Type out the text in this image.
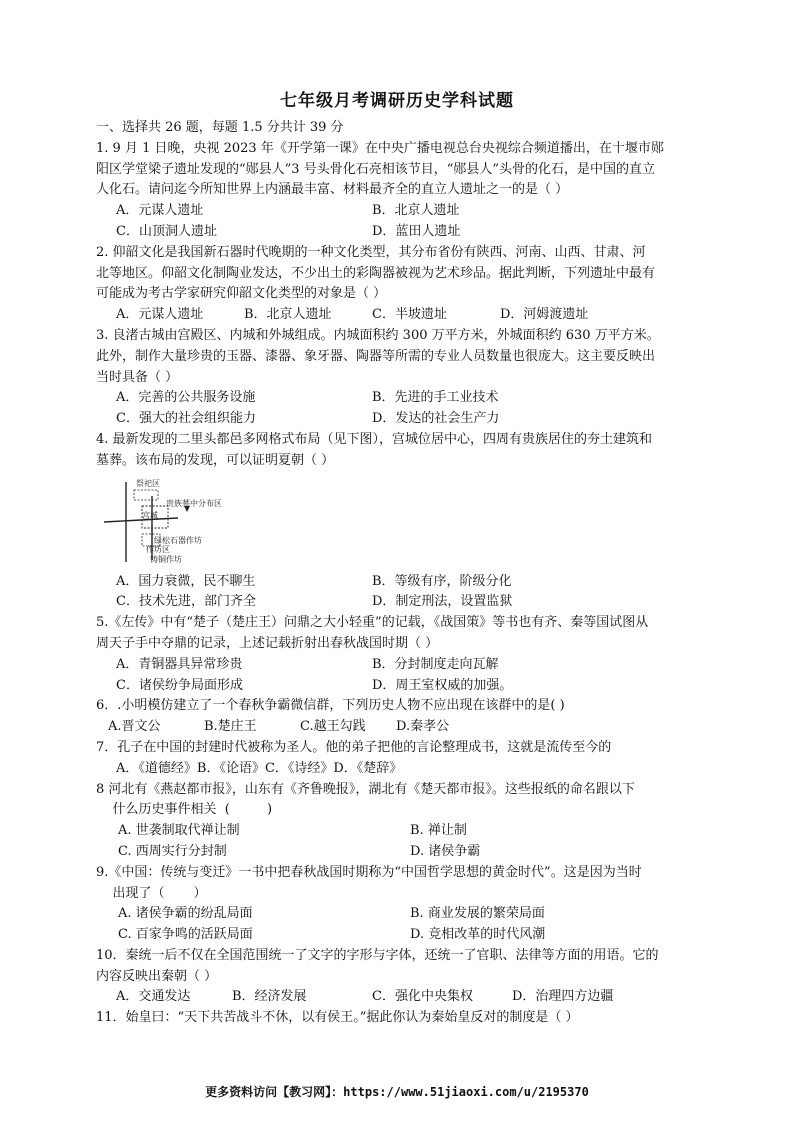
七年级月考调研历史学科试题
一、选择共 26 题，每题 1.5 分共计 39 分
1. 9 月 1 日晚，央视 2023 年《开学第一课》在中央广播电视总台央视综合频道播出，在十堰市郧
阳区学堂梁子遗址发现的“郧县人”3 号头骨化石亮相该节目，“郧县人”头骨的化石，是中国的直立
人化石。请问迄今所知世界上内涵最丰富、材料最齐全的直立人遗址之一的是（ ）
A．元谋人遗址	B．北京人遗址
C．山顶洞人遗址	D．蓝田人遗址
2. 仰韶文化是我国新石器时代晚期的一种文化类型，其分布省份有陕西、河南、山西、甘肃、河
北等地区。仰韶文化制陶业发达，不少出土的彩陶器被视为艺术珍品。据此判断，下列遗址中最有
可能成为考古学家研究仰韶文化类型的对象是（ ）
A．元谋人遗址	B．北京人遗址	C．半坡遗址	D．河姆渡遗址
3. 良渚古城由宫殿区、内城和外城组成。内城面积约 300 万平方米，外城面积约 630 万平方米。
此外，制作大量珍贵的玉器、漆器、象牙器、陶器等所需的专业人员数量也很庞大。这主要反映出
当时具备（ ）
A．完善的公共服务设施	B．先进的手工业技术
C．强大的社会组织能力	D．发达的社会生产力
4. 最新发现的二里头都邑多网格式布局（见下图），宫城位居中心，四周有贵族居住的夯土建筑和
墓葬。该布局的发现，可以证明夏朝（ ）
祭祀区
贵族墓中分布区
宫城
绿松石器作坊
作坊区
铸铜作坊
A．国力衰微，民不聊生	B．等级有序，阶级分化
C．技术先进，部门齐全	D．制定刑法，设置监狱
5.《左传》中有“楚子（楚庄王）问鼎之大小轻重”的记载，《战国策》等书也有齐、秦等国试图从
周天子手中夺鼎的记录，上述记载折射出春秋战国时期（ ）
A．青铜器具异常珍贵	B．分封制度走向瓦解
C．诸侯纷争局面形成	D．周王室权威的加强。
6．.小明模仿建立了一个春秋争霸微信群，下列历史人物不应出现在该群中的是( )
A.晋文公	B.楚庄王	C.越王勾践	D.秦孝公
7．孔子在中国的封建时代被称为圣人。他的弟子把他的言论整理成书，这就是流传至今的
A．《道德经》B．《论语》C．《诗经》D．《楚辞》
8 河北有《燕赵都市报》，山东有《齐鲁晚报》，湖北有《楚天都市报》。这些报纸的命名跟以下
什么历史事件相关  (         )
A. 世袭制取代禅让制	B. 禅让制
C. 西周实行分封制	D. 诸侯争霸
9.《中国：传统与变迁》一书中把春秋战国时期称为“中国哲学思想的黄金时代”。这是因为当时
出现了（       ）
A. 诸侯争霸的纷乱局面	B. 商业发展的繁荣局面
C. 百家争鸣的活跃局面	D. 竞相改革的时代风潮
10．秦统一后不仅在全国范围统一了文字的字形与字体，还统一了官职、法律等方面的用语。它的
内容反映出秦朝（ ）
A．交通发达	B．经济发展	C．强化中央集权	D．治理四方边疆
11．始皇曰：“天下共苦战斗不休，以有侯王。”据此你认为秦始皇反对的制度是（ ）
更多资料访问【教习网】：https://www.51jiaoxi.com/u/2195370
